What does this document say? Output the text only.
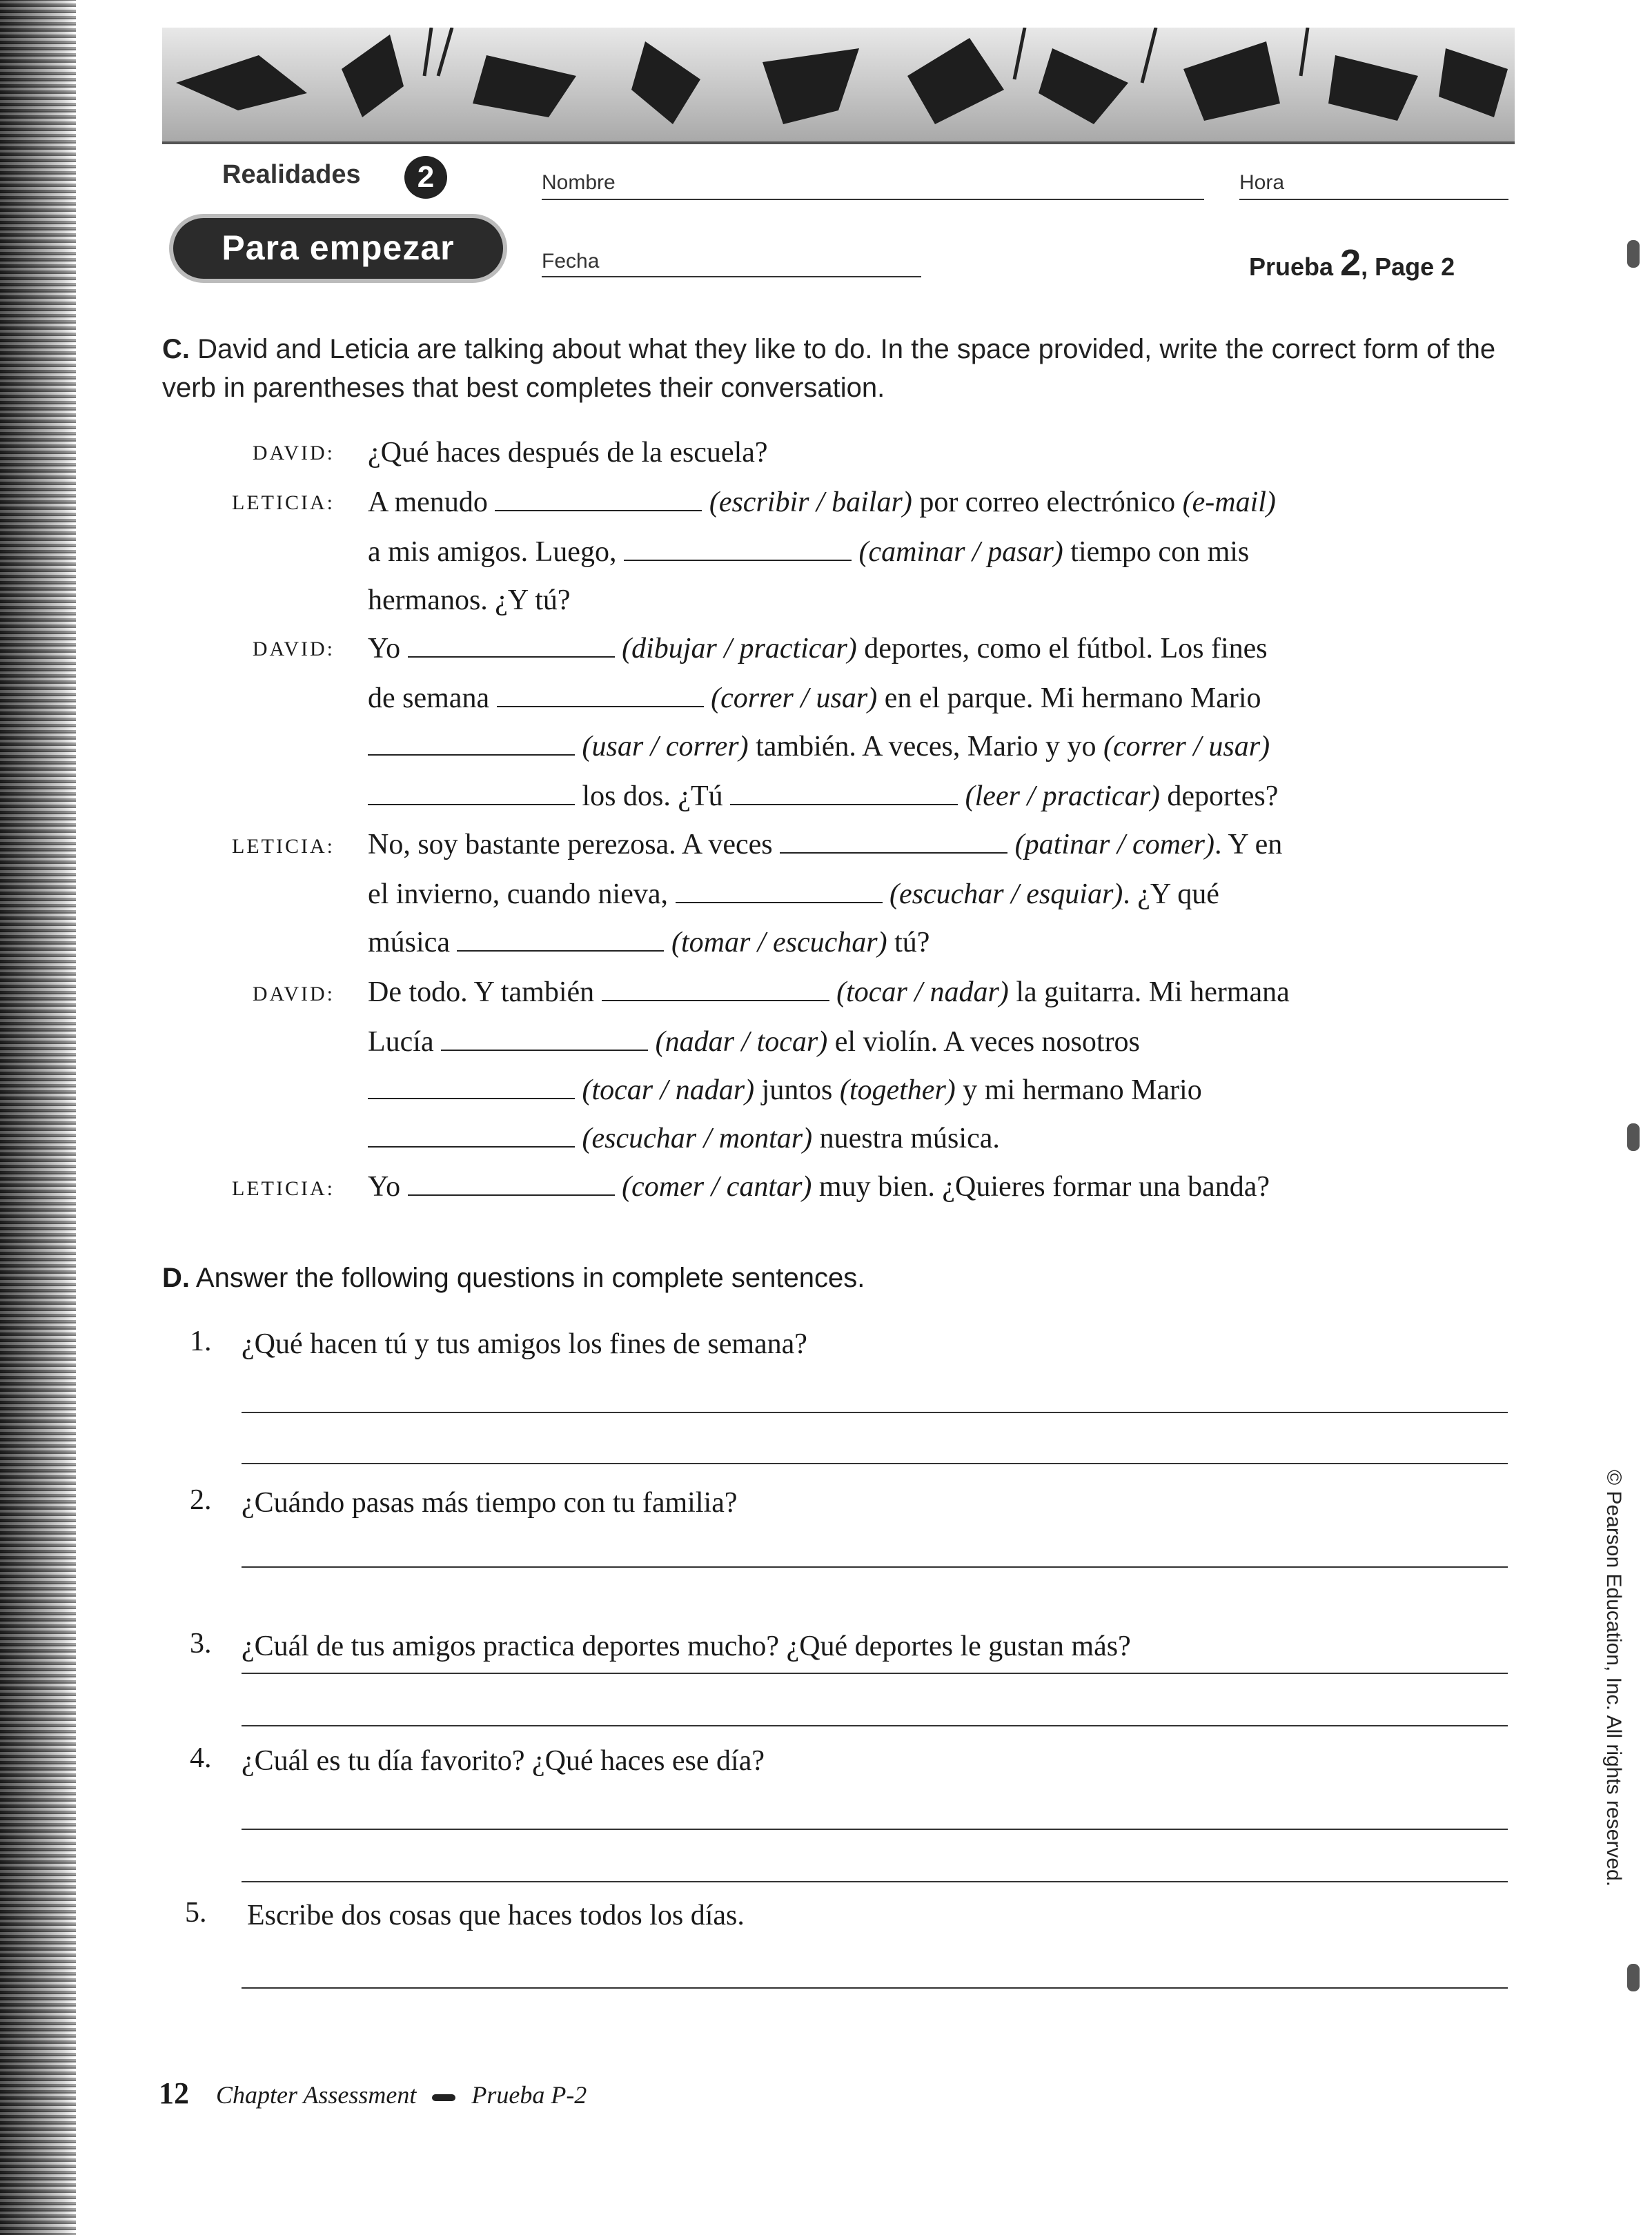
Realidades	2
Para empezar
Nombre	Hora
Fecha	Prueba 2, Page 2
C. David and Leticia are talking about what they like to do. In the space provided, write the correct form of the verb in parentheses that best completes their conversation.
DAVID: ¿Qué haces después de la escuela?
LETICIA: A menudo	(escribir / bailar) por correo electrónico (e-mail)
a mis amigos. Luego,	(caminar / pasar) tiempo con mis
hermanos. ¿Y tú?
DAVID: Yo	(dibujar / practicar) deportes, como el fútbol. Los fines
de semana	(correr / usar) en el parque. Mi hermano Mario
(usar / correr) también. A veces, Mario y yo (correr / usar)
los dos. ¿Tú	(leer / practicar) deportes?
LETICIA: No, soy bastante perezosa. A veces	(patinar / comer). Y en
el invierno, cuando nieva,	(escuchar / esquiar). ¿Y qué
música	(tomar / escuchar) tú?
DAVID: De todo. Y también	(tocar / nadar) la guitarra. Mi hermana
Lucía	(nadar / tocar) el violín. A veces nosotros
(tocar / nadar) juntos (together) y mi hermano Mario
(escuchar / montar) nuestra música.
LETICIA: Yo	(comer / cantar) muy bien. ¿Quieres formar una banda?
D. Answer the following questions in complete sentences.
1. ¿Qué hacen tú y tus amigos los fines de semana?
2. ¿Cuándo pasas más tiempo con tu familia?
3. ¿Cuál de tus amigos practica deportes mucho? ¿Qué deportes le gustan más?
4. ¿Cuál es tu día favorito? ¿Qué haces ese día?
5. Escribe dos cosas que haces todos los días.
12 Chapter Assessment Prueba P-2
© Pearson Education, Inc. All rights reserved.
